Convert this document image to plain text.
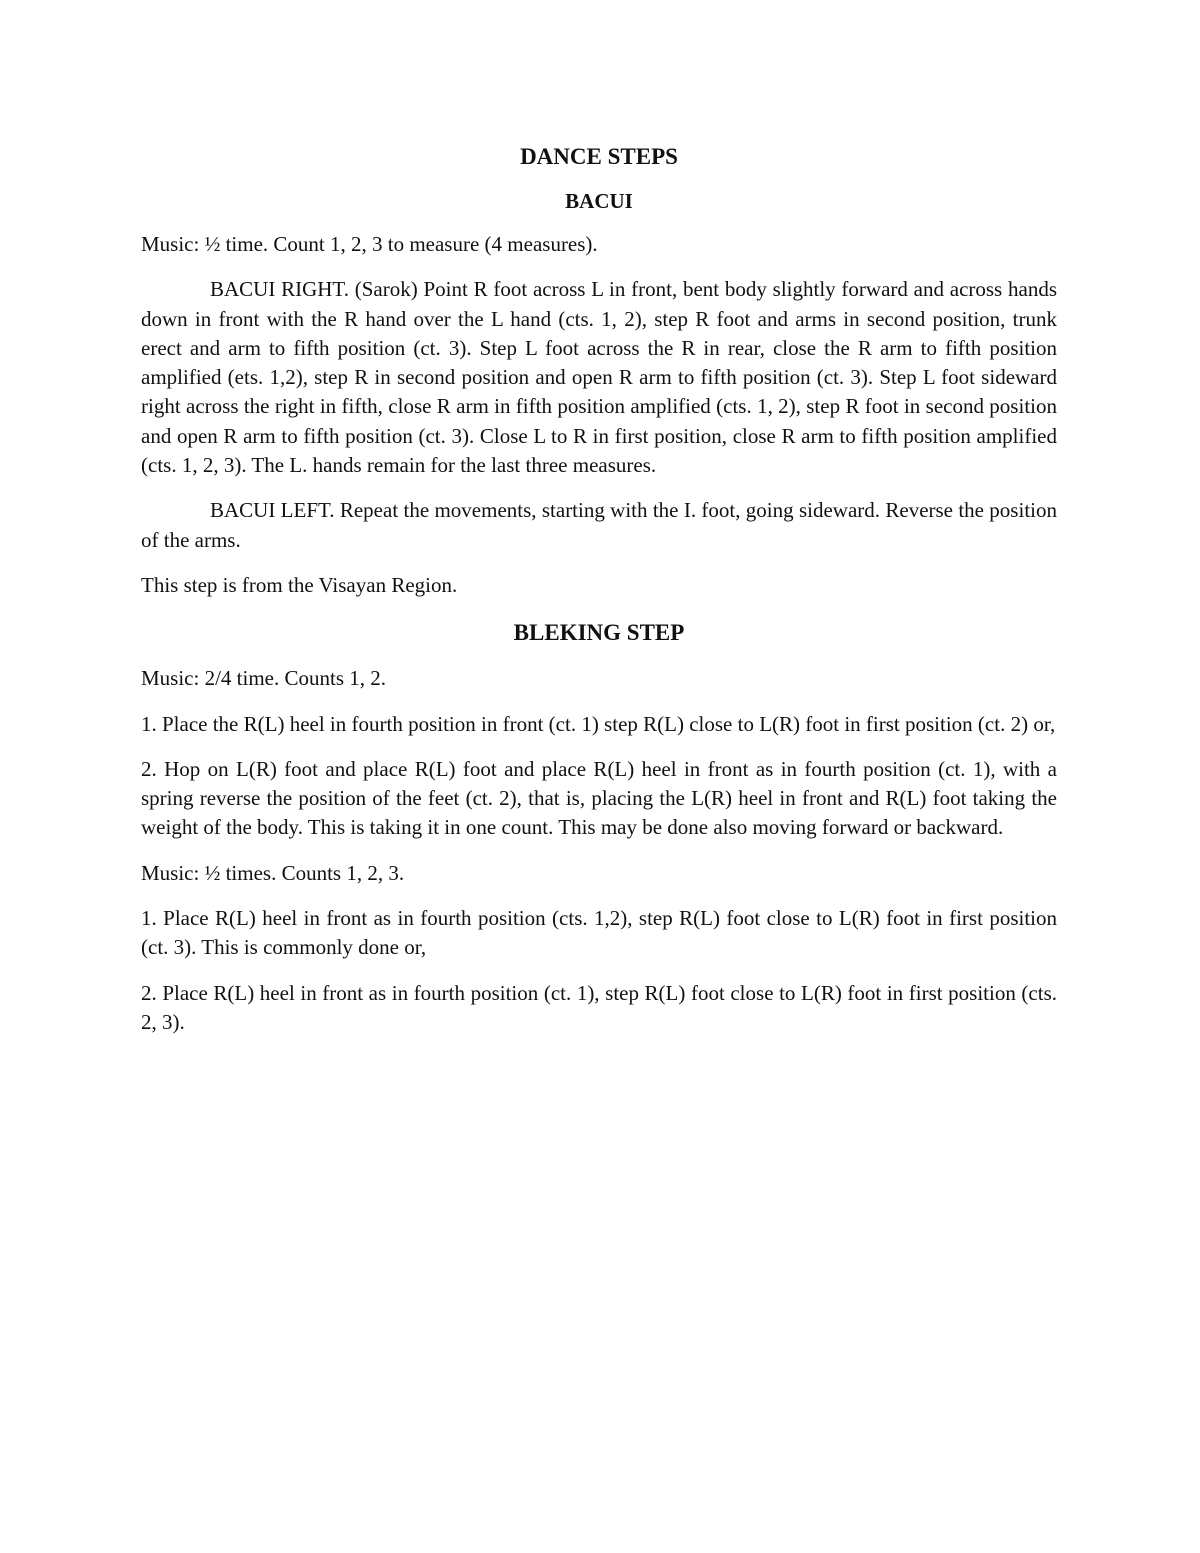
DANCE STEPS
BACUI

Music: ½ time. Count 1, 2, 3 to measure (4 measures).

BACUI RIGHT. (Sarok) Point R foot across L in front, bent body slightly forward and across hands down in front with the R hand over the L hand (cts. 1, 2), step R foot and arms in second position, trunk erect and arm to fifth position (ct. 3). Step L foot across the R in rear, close the R arm to fifth position amplified (ets. 1,2), step R in second position and open R arm to fifth position (ct. 3). Step L foot sideward right across the right in fifth, close R arm in fifth position amplified (cts. 1, 2), step R foot in second position and open R arm to fifth position (ct. 3). Close L to R in first position, close R arm to fifth position amplified (cts. 1, 2, 3). The L. hands remain for the last three measures.

BACUI LEFT. Repeat the movements, starting with the I. foot, going sideward. Reverse the position of the arms.

This step is from the Visayan Region.

BLEKING STEP

Music: 2/4 time. Counts 1, 2.

1. Place the R(L) heel in fourth position in front (ct. 1) step R(L) close to L(R) foot in first position (ct. 2) or,

2. Hop on L(R) foot and place R(L) foot and place R(L) heel in front as in fourth position (ct. 1), with a spring reverse the position of the feet (ct. 2), that is, placing the L(R) heel in front and R(L) foot taking the weight of the body. This is taking it in one count. This may be done also moving forward or backward.

Music: ½ times. Counts 1, 2, 3.

1. Place R(L) heel in front as in fourth position (cts. 1,2), step R(L) foot close to L(R) foot in first position (ct. 3). This is commonly done or,

2. Place R(L) heel in front as in fourth position (ct. 1), step R(L) foot close to L(R) foot in first position (cts. 2, 3).
